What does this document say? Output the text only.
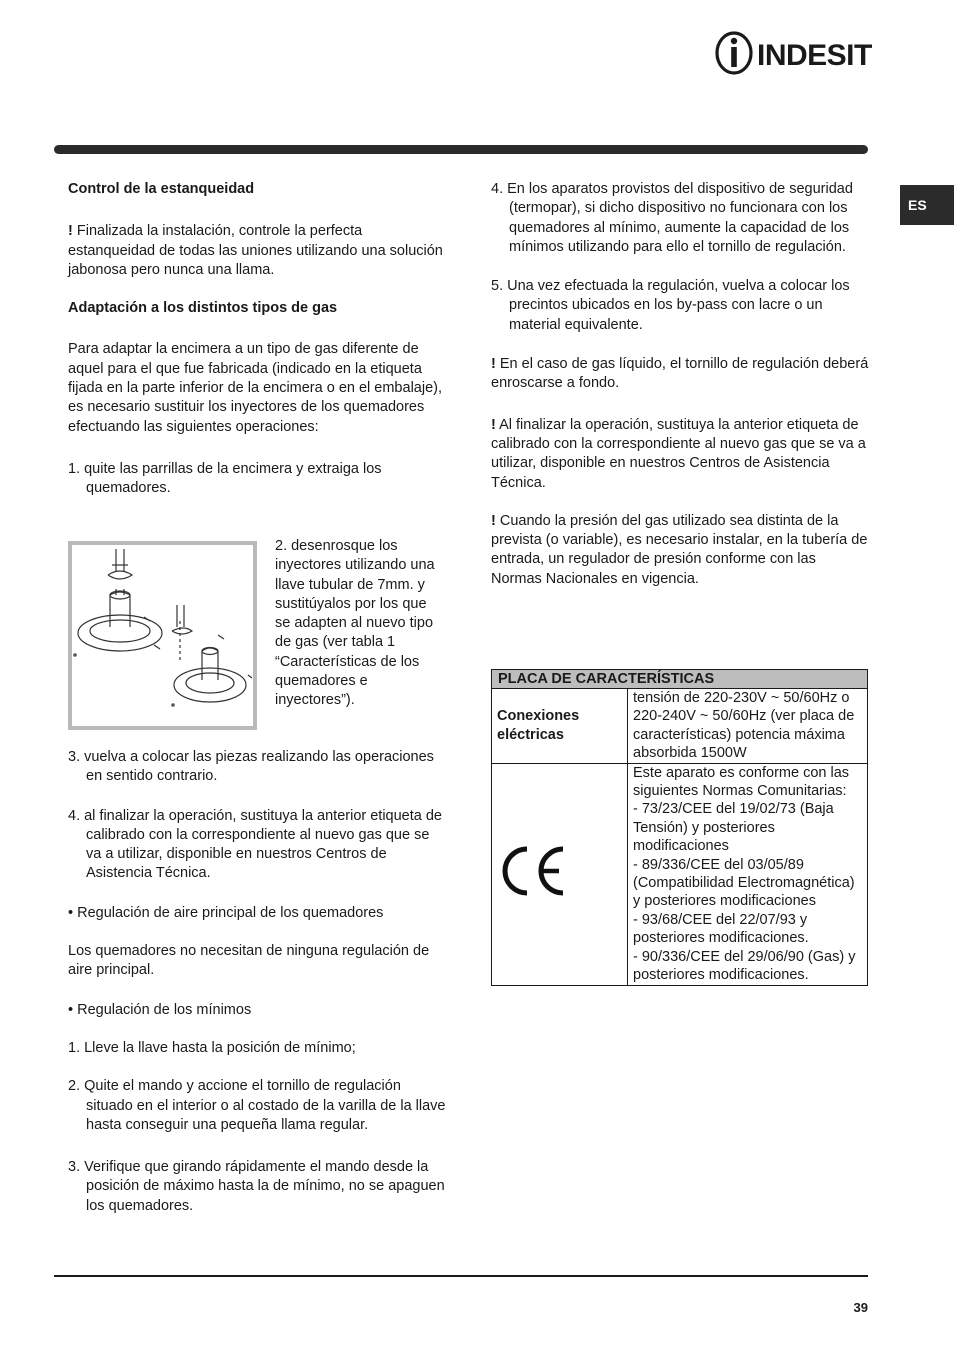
INDESIT
ES

Control de la estanqueidad

! Finalizada la instalación, controle la perfecta estanqueidad de todas las uniones utilizando una solución jabonosa pero nunca una llama.

Adaptación a los distintos tipos de gas

Para adaptar la encimera a un tipo de gas diferente de aquel para el que fue fabricada (indicado en la etiqueta fijada en la parte inferior de la encimera o en el embalaje), es necesario sustituir los inyectores de los quemadores efectuando las siguientes operaciones:

1. quite las parrillas de la encimera y extraiga los quemadores.

2. desenrosque los inyectores utilizando una llave tubular de 7mm. y sustitúyalos por los que se adapten al nuevo tipo de gas (ver tabla 1 “Características de los quemadores e inyectores”).

3. vuelva a colocar las piezas realizando las operaciones en sentido contrario.

4. al finalizar la operación, sustituya la anterior etiqueta de calibrado con la correspondiente al nuevo gas que se va a utilizar, disponible en nuestros Centros de Asistencia Técnica.

• Regulación de aire principal de los quemadores

Los quemadores no necesitan de ninguna regulación de aire principal.

• Regulación de los mínimos

1. Lleve la llave hasta la posición de mínimo;

2. Quite el mando y accione el tornillo de regulación situado en el interior o al costado de la varilla de la llave hasta conseguir una pequeña llama regular.

3. Verifique que girando rápidamente el mando desde la posición de máximo hasta la de mínimo, no se apaguen los quemadores.

4. En los aparatos provistos del dispositivo de seguridad (termopar), si dicho dispositivo no funcionara con los quemadores al mínimo, aumente la capacidad de los mínimos utilizando para ello el tornillo de regulación.

5. Una vez efectuada la regulación, vuelva a colocar los precintos ubicados en los by-pass con lacre o un material equivalente.

! En el caso de gas líquido, el tornillo de regulación deberá enroscarse a fondo.

! Al finalizar la operación, sustituya la anterior etiqueta de calibrado con la correspondiente al nuevo gas que se va a utilizar, disponible en nuestros Centros de Asistencia Técnica.

! Cuando la presión del gas utilizado sea distinta de la prevista (o variable), es necesario instalar, en la tubería de entrada, un regulador de presión conforme con las Normas Nacionales en vigencia.

PLACA DE CARACTERÍSTICAS	
Conexiones eléctricas	tensión de 220-230V ~ 50/60Hz o 220-240V ~ 50/60Hz (ver placa de características) potencia máxima absorbida 1500W

Este aparato es conforme con las siguientes Normas Comunitarias:
- 73/23/CEE del 19/02/73 (Baja Tensión) y posteriores modificaciones
- 89/336/CEE del 03/05/89 (Compatibilidad Electromagnética) y posteriores modificaciones
- 93/68/CEE del 22/07/93 y posteriores modificaciones.
- 90/336/CEE del 29/06/90 (Gas) y posteriores modificaciones.
39
